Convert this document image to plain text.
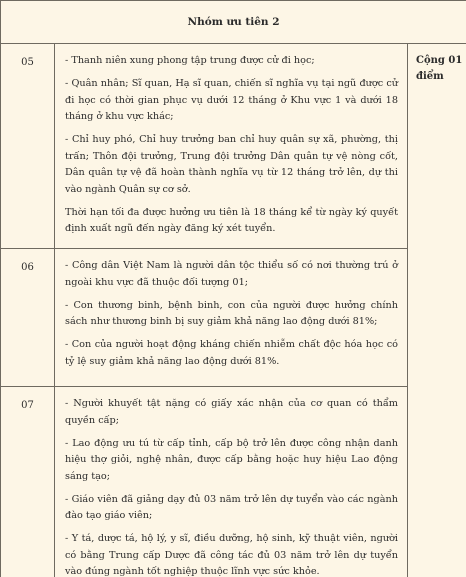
Nhóm ưu tiên 2		
05	- Thanh niên xung phong tập trung được cử đi học;

- Quân nhân; Sĩ quan, Hạ sĩ quan, chiến sĩ nghĩa vụ tại ngũ được cử đi học có thời gian phục vụ dưới 12 tháng ở Khu vực 1 và dưới 18 tháng ở khu vực khác;

- Chỉ huy phó, Chỉ huy trưởng ban chỉ huy quân sự xã, phường, thị trấn; Thôn đội trưởng, Trung đội trưởng Dân quân tự vệ nòng cốt, Dân quân tự vệ đã hoàn thành nghĩa vụ từ 12 tháng trở lên, dự thi vào ngành Quân sự cơ sở.

Thời hạn tối đa được hưởng ưu tiên là 18 tháng kể từ ngày ký quyết định xuất ngũ đến ngày đăng ký xét tuyển.	Cộng 01 điểm
06	- Công dân Việt Nam là người dân tộc thiểu số có nơi thường trú ở ngoài khu vực đã thuộc đối tượng 01;

- Con thương binh, bệnh binh, con của người được hưởng chính sách như thương binh bị suy giảm khả năng lao động dưới 81%;

- Con của người hoạt động kháng chiến nhiễm chất độc hóa học có tỷ lệ suy giảm khả năng lao động dưới 81%.	

07	- Người khuyết tật nặng có giấy xác nhận của cơ quan có thẩm quyền cấp;

- Lao động ưu tú từ cấp tỉnh, cấp bộ trở lên được công nhận danh hiệu thợ giỏi, nghệ nhân, được cấp bằng hoặc huy hiệu Lao động sáng tạo;

- Giáo viên đã giảng dạy đủ 03 năm trở lên dự tuyển vào các ngành đào tạo giáo viên;

- Y tá, dược tá, hộ lý, y sĩ, điều dưỡng, hộ sinh, kỹ thuật viên, người có bằng Trung cấp Dược đã công tác đủ 03 năm trở lên dự tuyển vào đúng ngành tốt nghiệp thuộc lĩnh vực sức khỏe.	
